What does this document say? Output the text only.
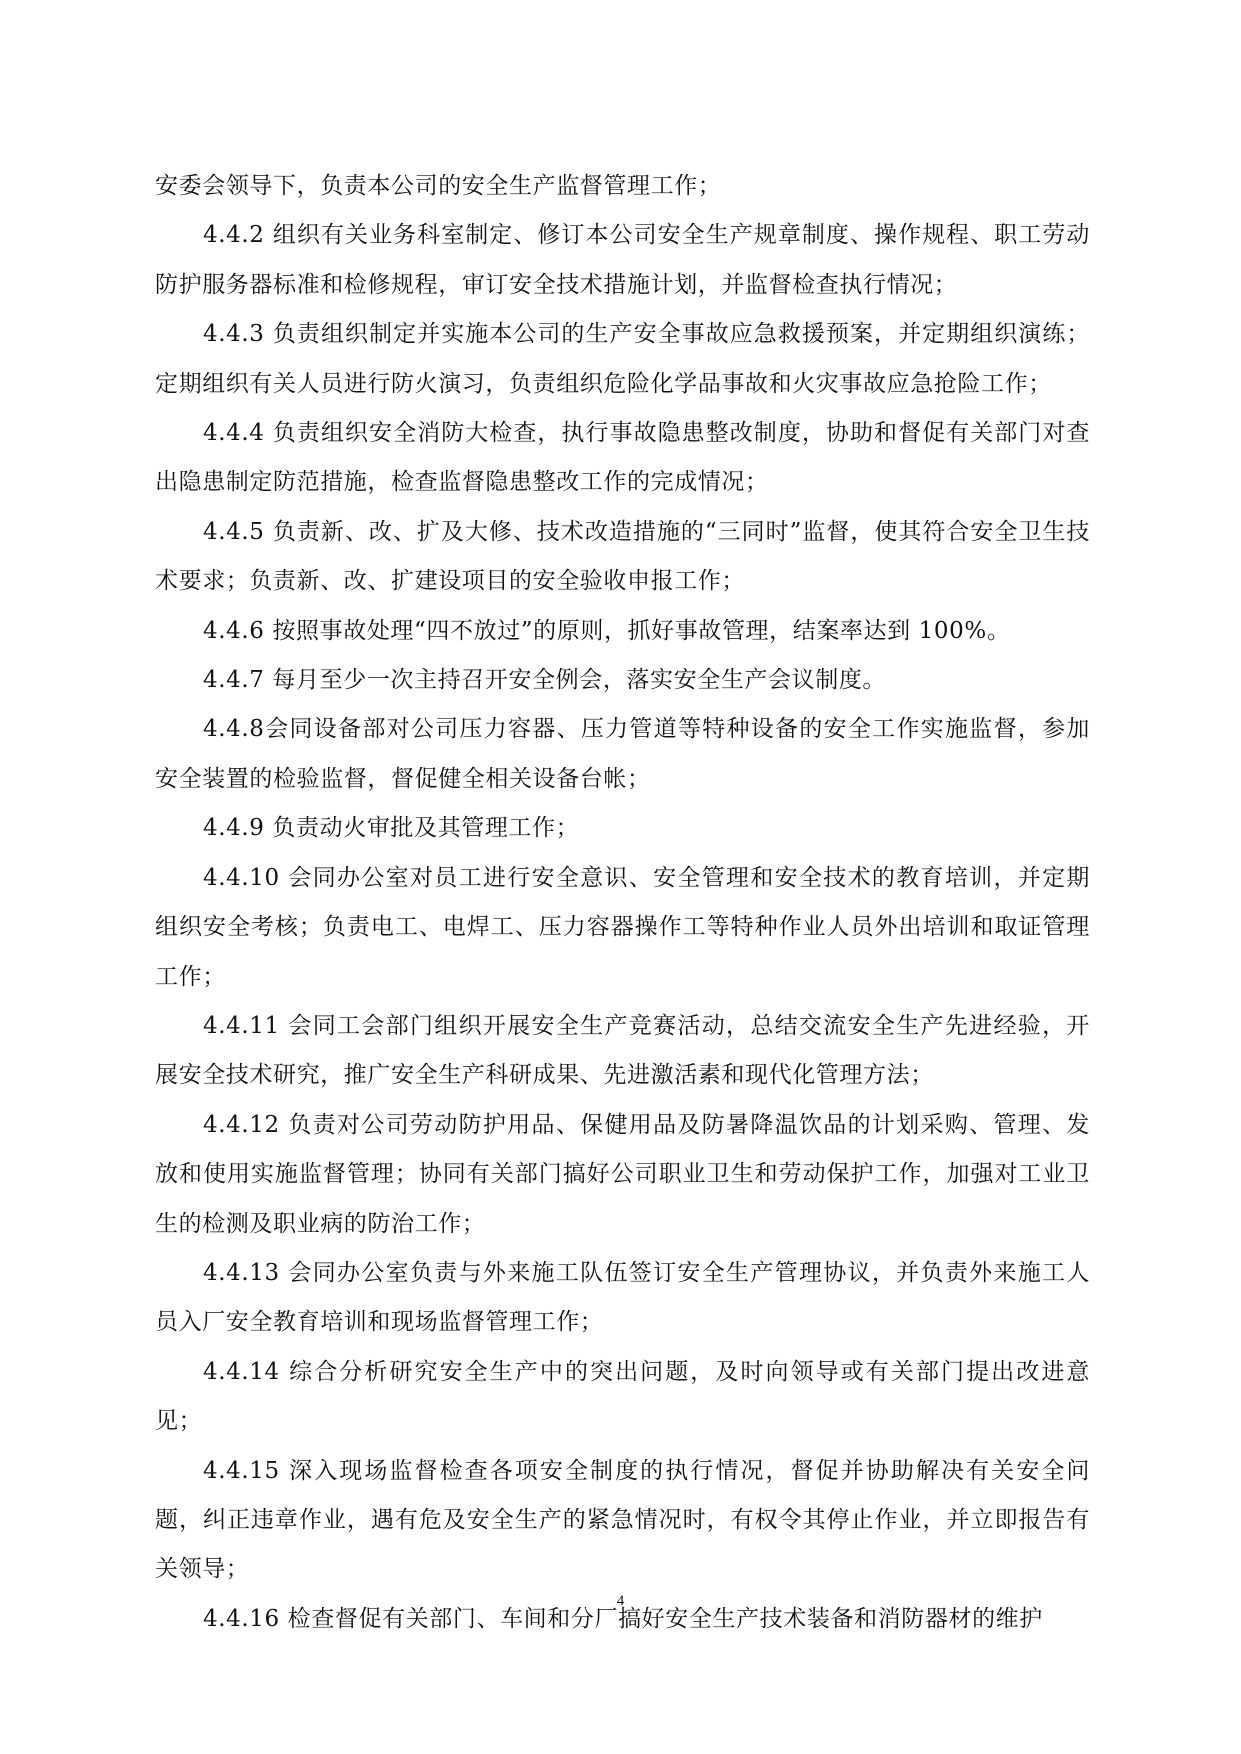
安委会领导下，负责本公司的安全生产监督管理工作；

4.4.2 组织有关业务科室制定、修订本公司安全生产规章制度、操作规程、职工劳动防护服务器标准和检修规程，审订安全技术措施计划，并监督检查执行情况；

4.4.3 负责组织制定并实施本公司的生产安全事故应急救援预案，并定期组织演练；定期组织有关人员进行防火演习，负责组织危险化学品事故和火灾事故应急抢险工作；

4.4.4 负责组织安全消防大检查，执行事故隐患整改制度，协助和督促有关部门对查出隐患制定防范措施，检查监督隐患整改工作的完成情况；

4.4.5 负责新、改、扩及大修、技术改造措施的“三同时”监督，使其符合安全卫生技术要求；负责新、改、扩建设项目的安全验收申报工作；

4.4.6 按照事故处理“四不放过”的原则，抓好事故管理，结案率达到 100%。

4.4.7 每月至少一次主持召开安全例会，落实安全生产会议制度。

4.4.8会同设备部对公司压力容器、压力管道等特种设备的安全工作实施监督，参加安全装置的检验监督，督促健全相关设备台帐；

4.4.9 负责动火审批及其管理工作；

4.4.10 会同办公室对员工进行安全意识、安全管理和安全技术的教育培训，并定期组织安全考核；负责电工、电焊工、压力容器操作工等特种作业人员外出培训和取证管理工作；

4.4.11 会同工会部门组织开展安全生产竞赛活动，总结交流安全生产先进经验，开展安全技术研究，推广安全生产科研成果、先进激活素和现代化管理方法；

4.4.12 负责对公司劳动防护用品、保健用品及防暑降温饮品的计划采购、管理、发放和使用实施监督管理；协同有关部门搞好公司职业卫生和劳动保护工作，加强对工业卫生的检测及职业病的防治工作；

4.4.13 会同办公室负责与外来施工队伍签订安全生产管理协议，并负责外来施工人员入厂安全教育培训和现场监督管理工作；

4.4.14 综合分析研究安全生产中的突出问题，及时向领导或有关部门提出改进意见；

4.4.15 深入现场监督检查各项安全制度的执行情况，督促并协助解决有关安全问题，纠正违章作业，遇有危及安全生产的紧急情况时，有权令其停止作业，并立即报告有关领导；

4.4.16 检查督促有关部门、车间和分厂搞好安全生产技术装备和消防器材的维护

4
